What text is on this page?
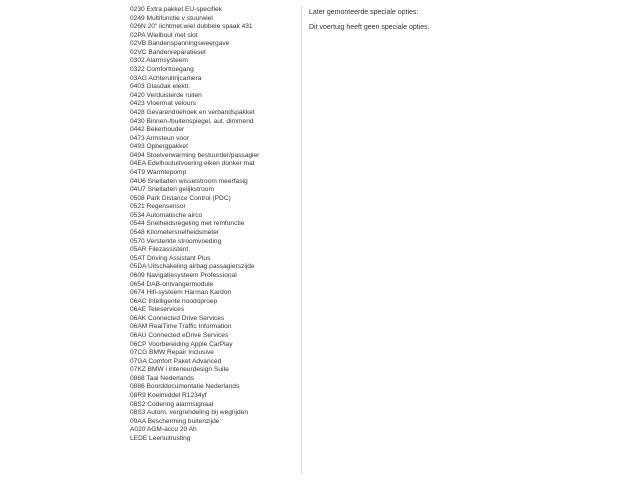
0230 Extra pakket EU-specifiek
0249 Multifunctie v stuurwiel
026N 20" lichtmet.wiel dubbele spaak 431
02PA Wielbout met slot
02VB Bandenspanningsweergave
02VC Bandenreparatieset
0302 Alarmsysteem
0322 Comforttoegang
03AG Achteruitrijcamera
0403 Glasdak elektr.
0420 Verduisterde ruiten
0423 Vloermat velours
0428 Gevarendriehoek en verbandspakket
0430 Binnen-/buitenspiegel, aut. dimmend
0442 Bekerhouder
0473 Armsteun voor
0493 Opbergpakket
0494 Stoelverwarming bestuurder/passagier
04EA Edelhoutuitvoering eiken donker mat
04T9 Warmtepomp
04U6 Snelladen wisselstroom meerfasig
04U7 Snelladen gelijkstroom
0508 Park Distance Control (PDC)
0521 Regensensor
0534 Automatische airco
0544 Snelheidsregeling met remfunctie
0548 Kilometersnelheidsmeter
0570 Versterkte stroomvoeding
05AR Filezassistent
05AT Driving Assistant Plus
05DA Uitschakeling airbag passagierszijde
0609 Navigatiesysteem Professional
0654 DAB-ontvangermodule
0674 Hifi-systeem Harman Kardon
06AC Intelligente noodoproep
06AE Teleservices
06AK Connected Drive Services
06AM RealTime Traffic Information
06AU Connected eDrive Services
06CP Voorbereiding Apple CarPlay
07CG BMW Repair Inclusive
07GA Comfort Paket Advanced
07KZ BMW i interieurdesign Suite
0868 Taal Nederlands
0886 Boorddocumentatie Nederlands
08R9 Koelmiddel R1234yf
08S2 Codering alarmsignaal
08S3 Autom. vergrendeling bij wegrijden
09AA Bescherming buitenzijde
A020 AGM-accu 20 Ah
LEDE Leerluitrusting
Later gemonteerde speciale opties:
Dit voertuig heeft geen speciale opties.
